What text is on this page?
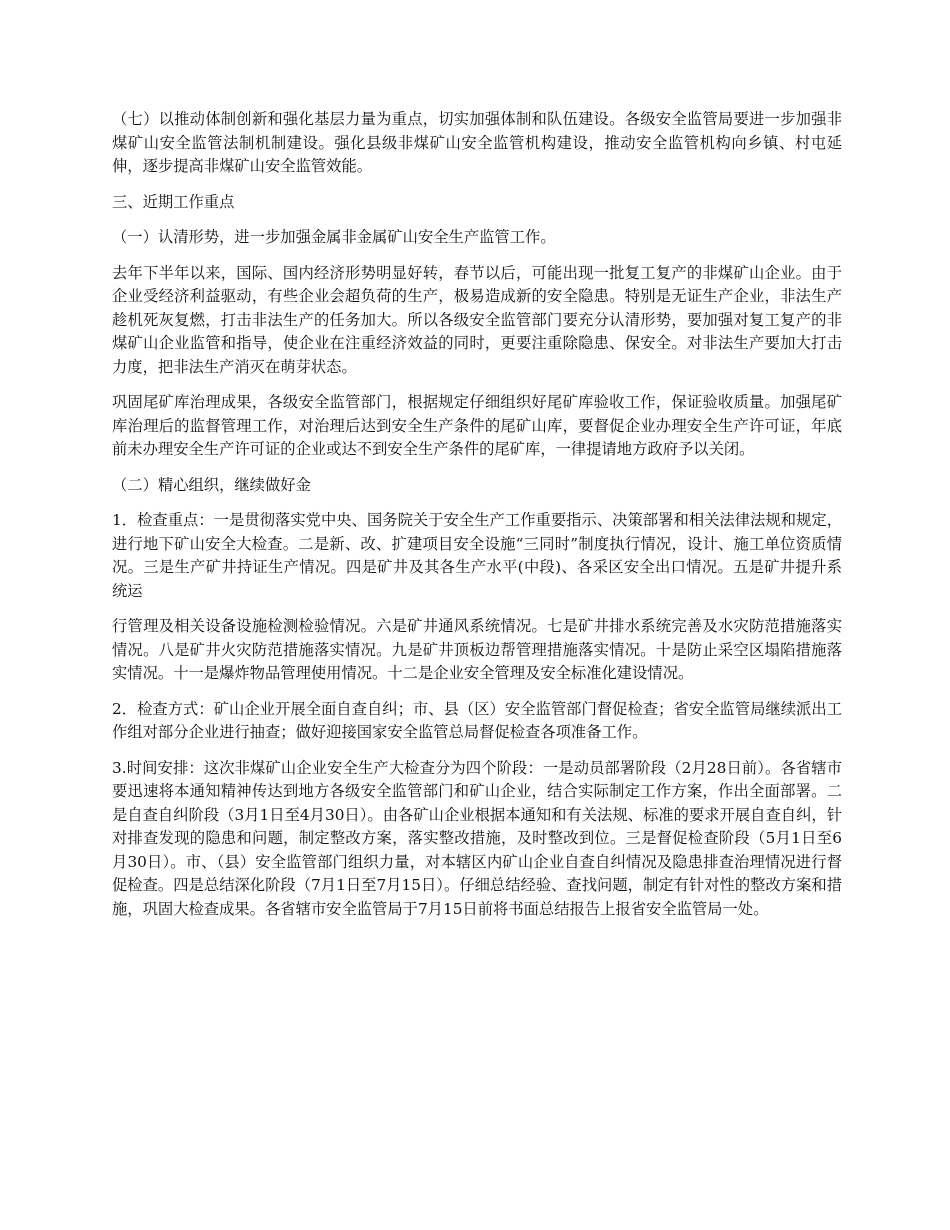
（七）以推动体制创新和强化基层力量为重点，切实加强体制和队伍建设。各级安全监管局要进一步加强非煤矿山安全监管法制机制建设。强化县级非煤矿山安全监管机构建设，推动安全监管机构向乡镇、村屯延伸，逐步提高非煤矿山安全监管效能。

三、近期工作重点

（一）认清形势，进一步加强金属非金属矿山安全生产监管工作。

去年下半年以来，国际、国内经济形势明显好转，春节以后，可能出现一批复工复产的非煤矿山企业。由于企业受经济利益驱动，有些企业会超负荷的生产，极易造成新的安全隐患。特别是无证生产企业，非法生产趁机死灰复燃，打击非法生产的任务加大。所以各级安全监管部门要充分认清形势，要加强对复工复产的非煤矿山企业监管和指导，使企业在注重经济效益的同时，更要注重除隐患、保安全。对非法生产要加大打击力度，把非法生产消灭在萌芽状态。

巩固尾矿库治理成果，各级安全监管部门，根据规定仔细组织好尾矿库验收工作，保证验收质量。加强尾矿库治理后的监督管理工作，对治理后达到安全生产条件的尾矿山库，要督促企业办理安全生产许可证，年底前未办理安全生产许可证的企业或达不到安全生产条件的尾矿库，一律提请地方政府予以关闭。

（二）精心组织，继续做好金

1．检查重点：一是贯彻落实党中央、国务院关于安全生产工作重要指示、决策部署和相关法律法规和规定，进行地下矿山安全大检查。二是新、改、扩建项目安全设施“三同时”制度执行情况，设计、施工单位资质情况。三是生产矿井持证生产情况。四是矿井及其各生产水平(中段)、各采区安全出口情况。五是矿井提升系统运

行管理及相关设备设施检测检验情况。六是矿井通风系统情况。七是矿井排水系统完善及水灾防范措施落实情况。八是矿井火灾防范措施落实情况。九是矿井顶板边帮管理措施落实情况。十是防止采空区塌陷措施落实情况。十一是爆炸物品管理使用情况。十二是企业安全管理及安全标准化建设情况。

2．检查方式：矿山企业开展全面自查自纠；市、县（区）安全监管部门督促检查；省安全监管局继续派出工作组对部分企业进行抽查；做好迎接国家安全监管总局督促检查各项准备工作。

3.时间安排：这次非煤矿山企业安全生产大检查分为四个阶段：一是动员部署阶段（2月28日前）。各省辖市要迅速将本通知精神传达到地方各级安全监管部门和矿山企业，结合实际制定工作方案，作出全面部署。二是自查自纠阶段（3月1日至4月30日）。由各矿山企业根据本通知和有关法规、标准的要求开展自查自纠，针对排查发现的隐患和问题，制定整改方案，落实整改措施，及时整改到位。三是督促检查阶段（5月1日至6月30日）。市、（县）安全监管部门组织力量，对本辖区内矿山企业自查自纠情况及隐患排查治理情况进行督促检查。四是总结深化阶段（7月1日至7月15日）。仔细总结经验、查找问题，制定有针对性的整改方案和措施，巩固大检查成果。各省辖市安全监管局于7月15日前将书面总结报告上报省安全监管局一处。
